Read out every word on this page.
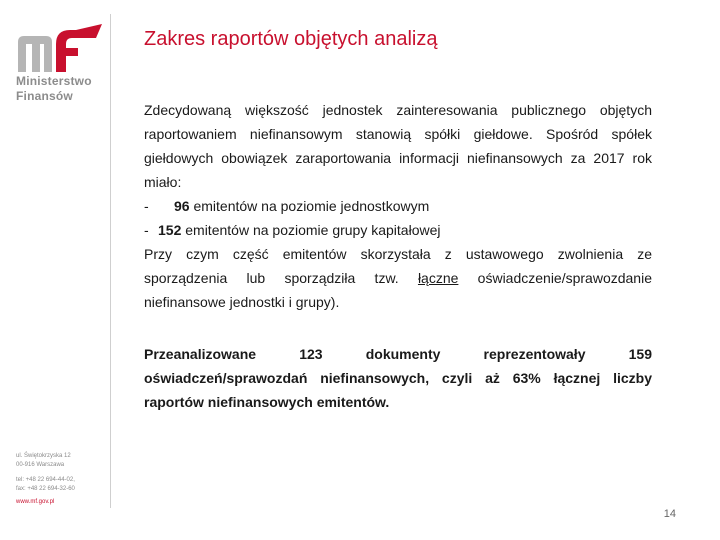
Ministerstwo
Finansów
Zakres raportów objętych analizą
Zdecydowaną większość jednostek zainteresowania publicznego objętych raportowaniem niefinansowym stanowią spółki giełdowe. Spośród spółek giełdowych obowiązek zaraportowania informacji niefinansowych za 2017 rok miało:
-	96
emitentów na poziomie jednostkowym
- 152
emitentów na poziomie grupy kapitałowej

Przy czym część emitentów skorzystała z ustawowego zwolnienia ze sporządzenia lub sporządziła tzw. łączne oświadczenie/sprawozdanie niefinansowe jednostki i grupy).

Przeanalizowane 123 dokumenty reprezentowały 159 oświadczeń/sprawozdań niefinansowych, czyli aż 63% łącznej liczby raportów niefinansowych emitentów.

ul. Świętokrzyska 12
00-916 Warszawa
tel: +48 22 694-44-02,
fax: +48 22 694-32-60
www.mf.gov.pl
14
